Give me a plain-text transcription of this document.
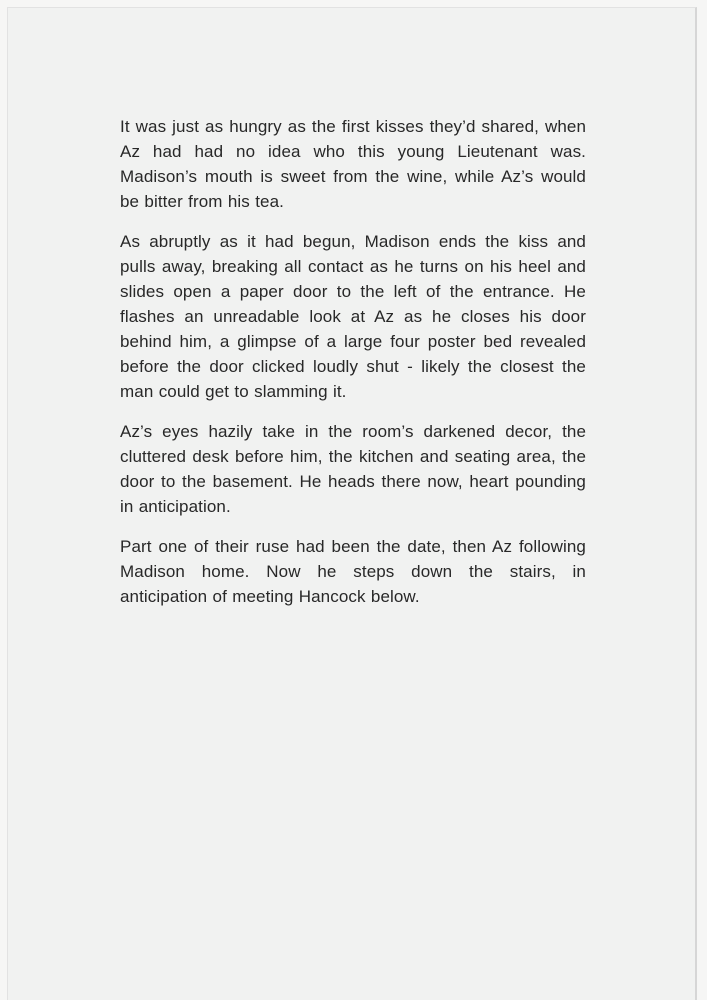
It was just as hungry as the first kisses they’d shared, when Az had had no idea who this young Lieutenant was. Madison’s mouth is sweet from the wine, while Az’s would be bitter from his tea.

As abruptly as it had begun, Madison ends the kiss and pulls away, breaking all contact as he turns on his heel and slides open a paper door to the left of the entrance. He flashes an unreadable look at Az as he closes his door behind him, a glimpse of a large four poster bed revealed before the door clicked loudly shut - likely the closest the man could get to slamming it.

Az’s eyes hazily take in the room’s darkened decor, the cluttered desk before him, the kitchen and seating area, the door to the basement. He heads there now, heart pounding in anticipation.

Part one of their ruse had been the date, then Az following Madison home. Now he steps down the stairs, in anticipation of meeting Hancock below.
